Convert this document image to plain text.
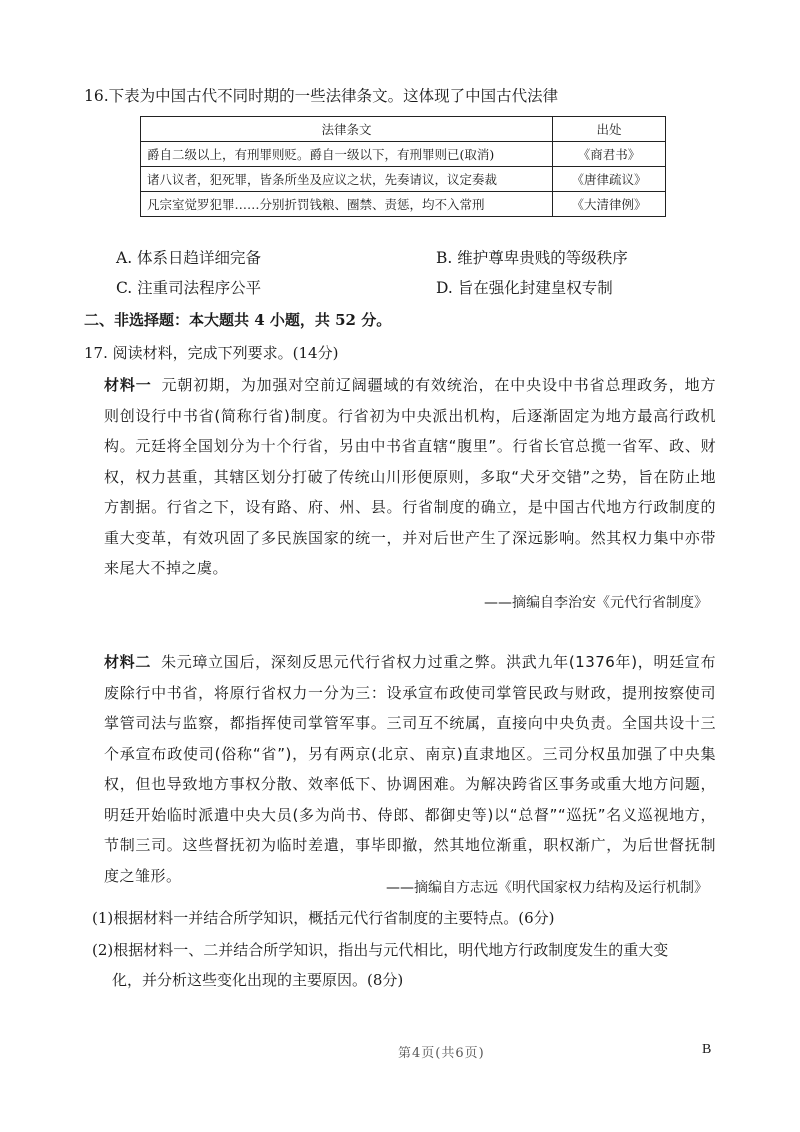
16.下表为中国古代不同时期的一些法律条文。这体现了中国古代法律
法律条文	出处
爵自二级以上，有刑罪则贬。爵自一级以下，有刑罪则已(取消)	《商君书》
诸八议者，犯死罪，皆条所坐及应议之状，先奏请议，议定奏裁	《唐律疏议》
凡宗室觉罗犯罪……分别折罚钱粮、圈禁、责惩，均不入常刑	《大清律例》
A. 体系日趋详细完备	B. 维护尊卑贵贱的等级秩序
C. 注重司法程序公平	D. 旨在强化封建皇权专制
二、非选择题：本大题共 4 小题，共 52 分。
17. 阅读材料，完成下列要求。(14分)
材料一 元朝初期，为加强对空前辽阔疆域的有效统治，在中央设中书省总理政务，地方则创设行中书省(简称行省)制度。行省初为中央派出机构，后逐渐固定为地方最高行政机构。元廷将全国划分为十个行省，另由中书省直辖“腹里”。行省长官总揽一省军、政、财权，权力甚重，其辖区划分打破了传统山川形便原则，多取“犬牙交错”之势，旨在防止地方割据。行省之下，设有路、府、州、县。行省制度的确立，是中国古代地方行政制度的重大变革，有效巩固了多民族国家的统一，并对后世产生了深远影响。然其权力集中亦带来尾大不掉之虞。
——摘编自李治安《元代行省制度》
材料二 朱元璋立国后，深刻反思元代行省权力过重之弊。洪武九年(1376年)，明廷宣布废除行中书省，将原行省权力一分为三：设承宣布政使司掌管民政与财政，提刑按察使司掌管司法与监察，都指挥使司掌管军事。三司互不统属，直接向中央负责。全国共设十三个承宣布政使司(俗称“省”)，另有两京(北京、南京)直隶地区。三司分权虽加强了中央集权，但也导致地方事权分散、效率低下、协调困难。为解决跨省区事务或重大地方问题，明廷开始临时派遣中央大员(多为尚书、侍郎、都御史等)以“总督”“巡抚”名义巡视地方，节制三司。这些督抚初为临时差遣，事毕即撤，然其地位渐重，职权渐广，为后世督抚制度之雏形。
——摘编自方志远《明代国家权力结构及运行机制》
(1)根据材料一并结合所学知识，概括元代行省制度的主要特点。(6分)
(2)根据材料一、二并结合所学知识，指出与元代相比，明代地方行政制度发生的重大变
化，并分析这些变化出现的主要原因。(8分)
第4页(共6页)	B
